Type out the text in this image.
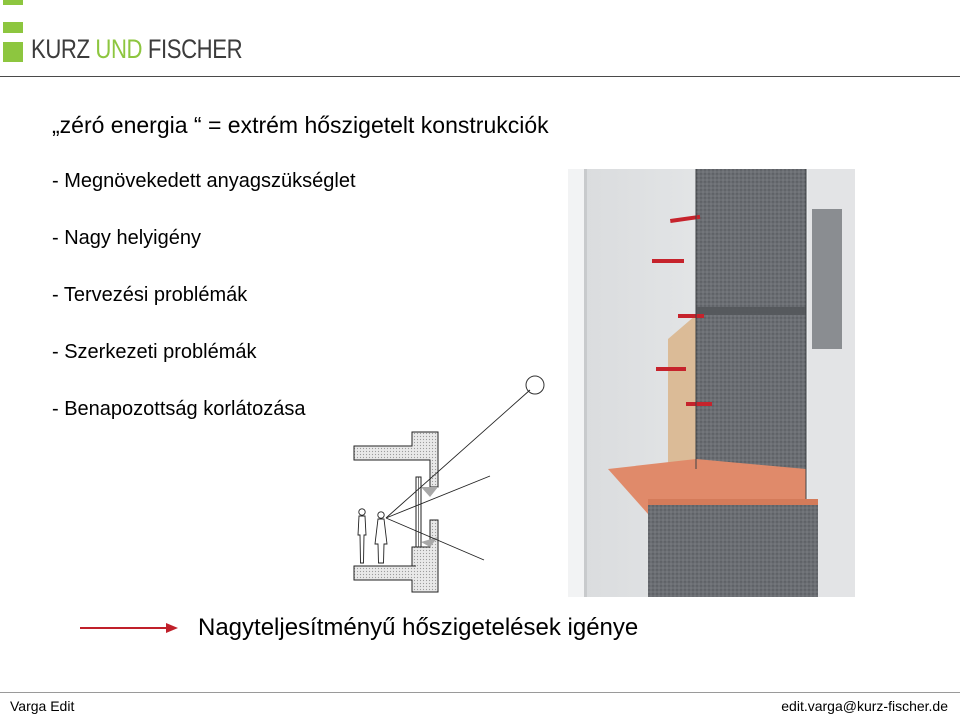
KURZ UND FISCHER
„zéró energia “ = extrém hőszigetelt konstrukciók
- Megnövekedett anyagszükséglet
- Nagy helyigény
- Tervezési problémák
- Szerkezeti problémák
- Benapozottság korlátozása
Nagyteljesítményű hőszigetelések igénye
Varga Edit	edit.varga@kurz-fischer.de
